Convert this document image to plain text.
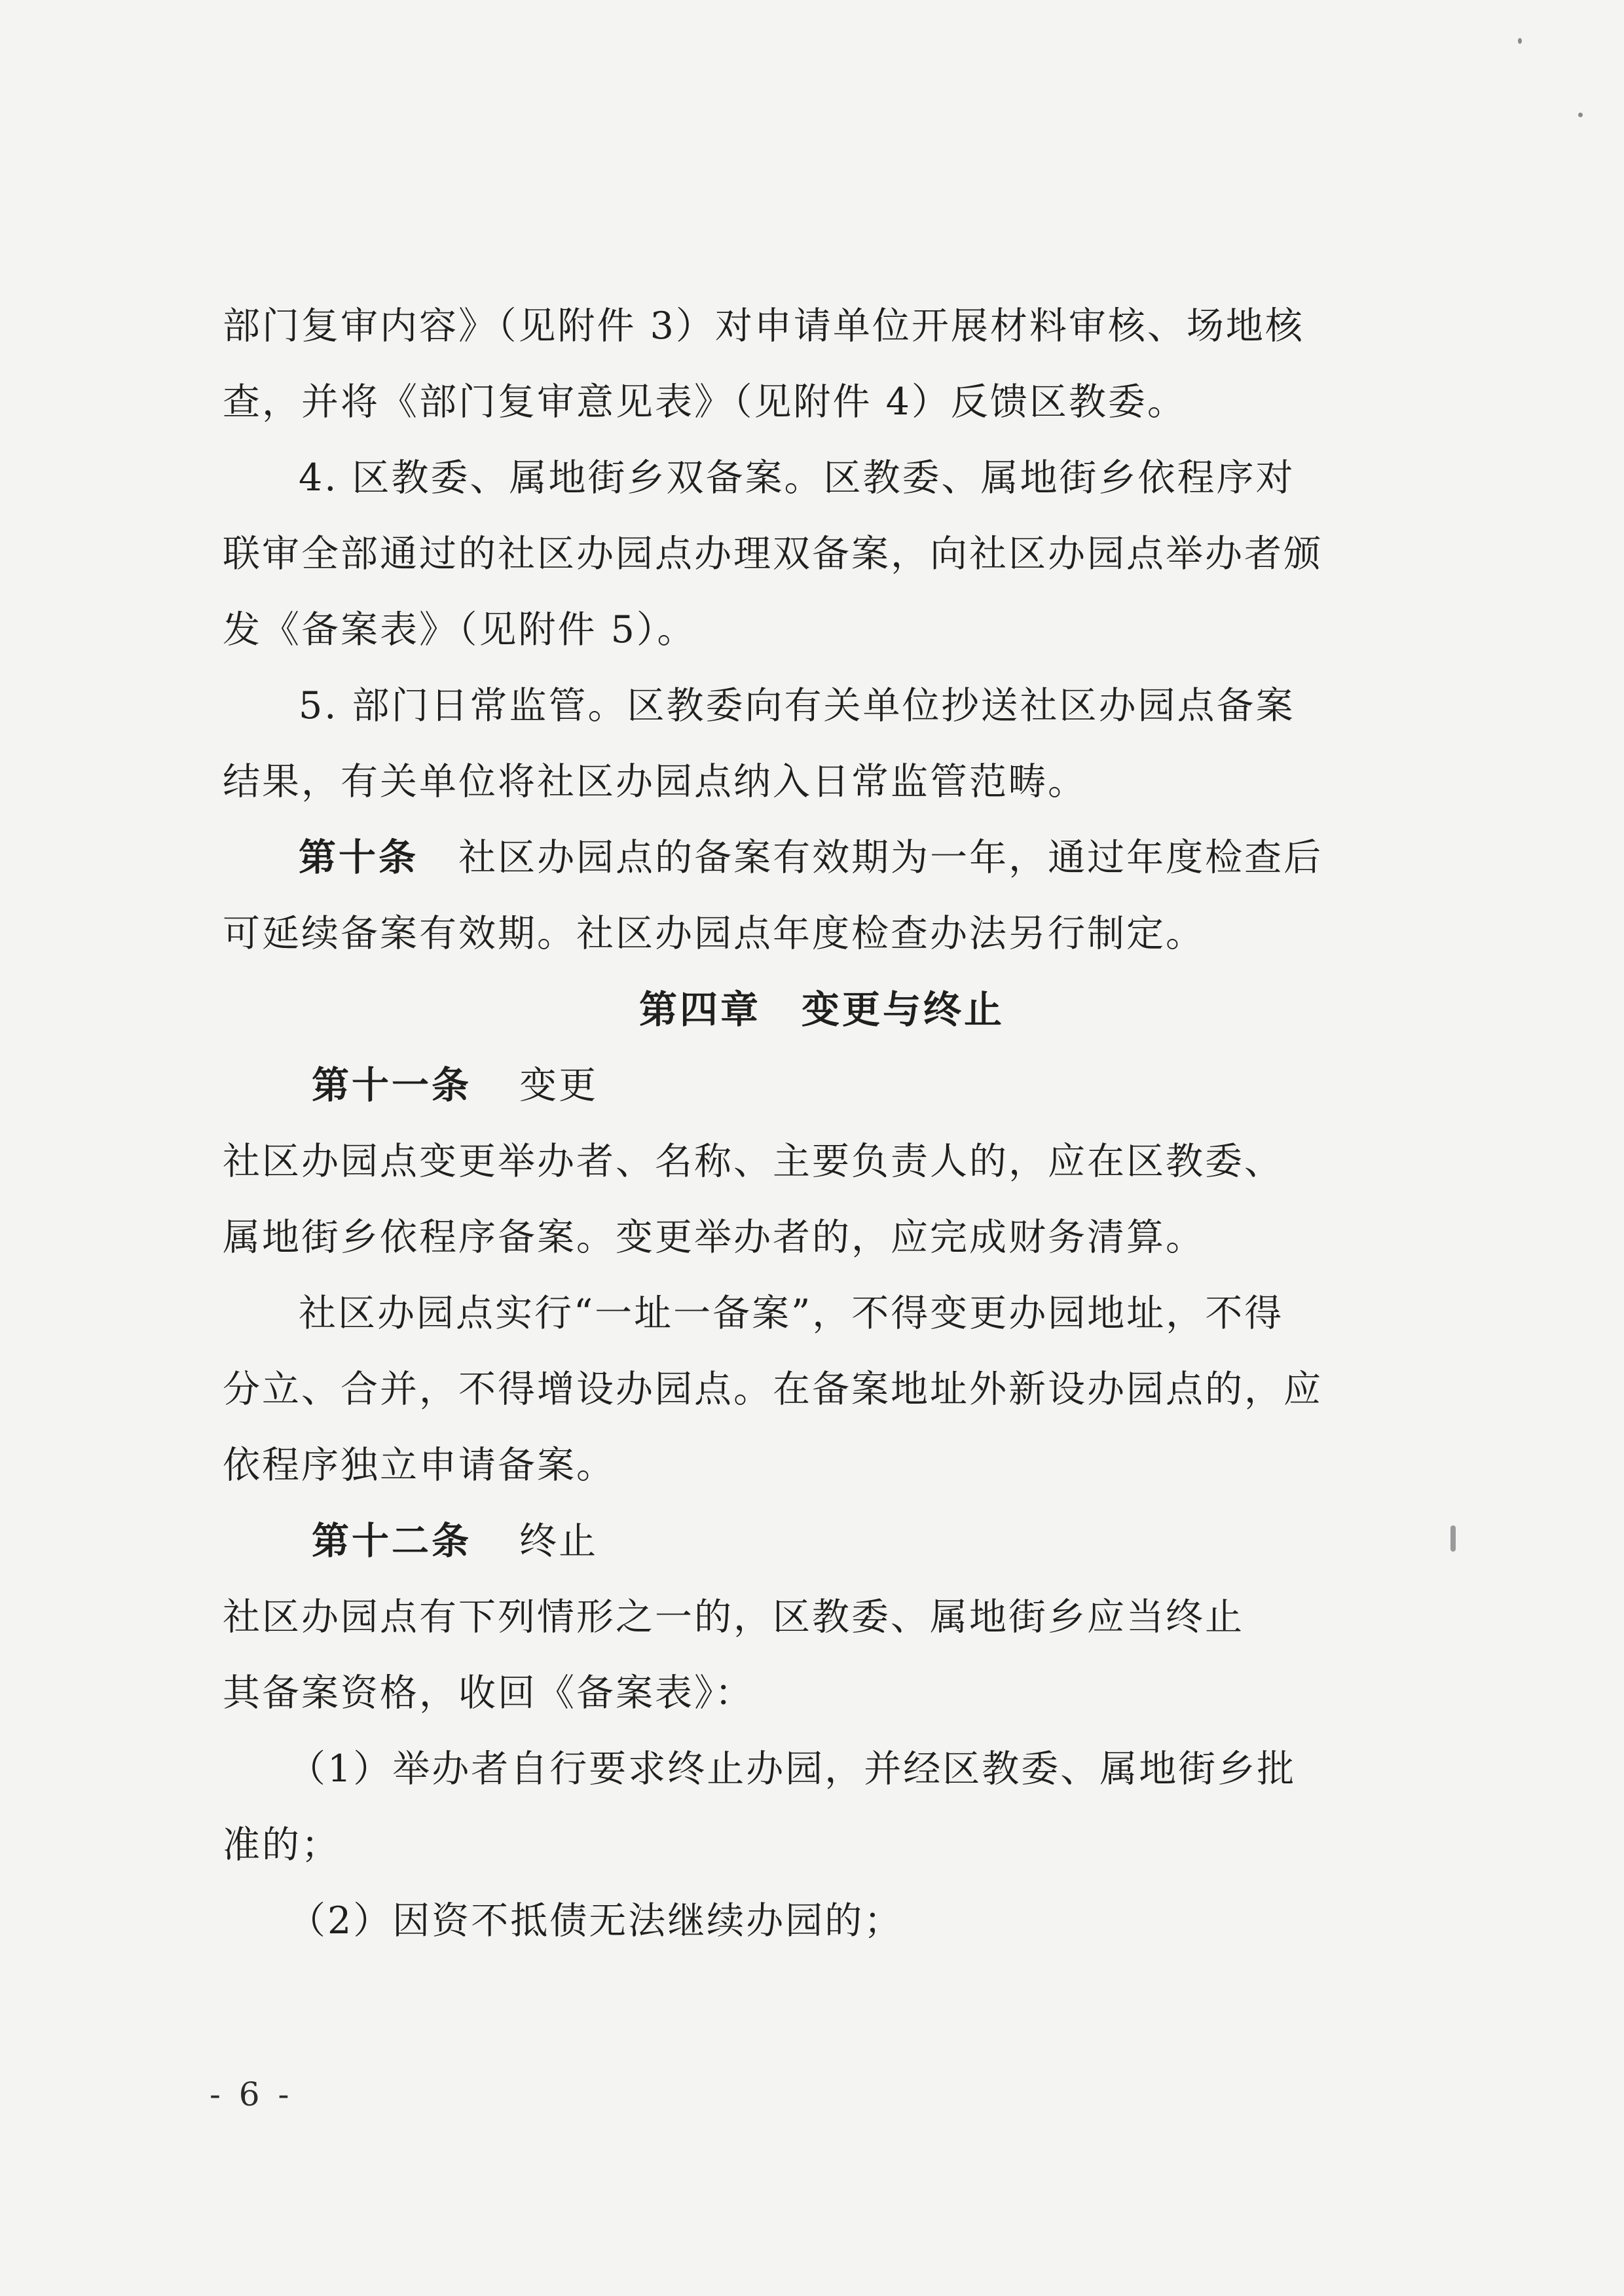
部门复审内容》（见附件 3）对申请单位开展材料审核、场地核
查，并将《部门复审意见表》（见附件 4）反馈区教委。
4. 区教委、属地街乡双备案。区教委、属地街乡依程序对
联审全部通过的社区办园点办理双备案，向社区办园点举办者颁
发《备案表》（见附件 5）。
5. 部门日常监管。区教委向有关单位抄送社区办园点备案
结果，有关单位将社区办园点纳入日常监管范畴。
第十条 社区办园点的备案有效期为一年，通过年度检查后
可延续备案有效期。社区办园点年度检查办法另行制定。
第四章　变更与终止
第十一条 变更
社区办园点变更举办者、名称、主要负责人的，应在区教委、
属地街乡依程序备案。变更举办者的，应完成财务清算。
社区办园点实行“一址一备案”，不得变更办园地址，不得
分立、合并，不得增设办园点。在备案地址外新设办园点的，应
依程序独立申请备案。
第十二条 终止
社区办园点有下列情形之一的，区教委、属地街乡应当终止
其备案资格，收回《备案表》：
（1）举办者自行要求终止办园，并经区教委、属地街乡批
准的；
（2）因资不抵债无法继续办园的；
- 6 -
